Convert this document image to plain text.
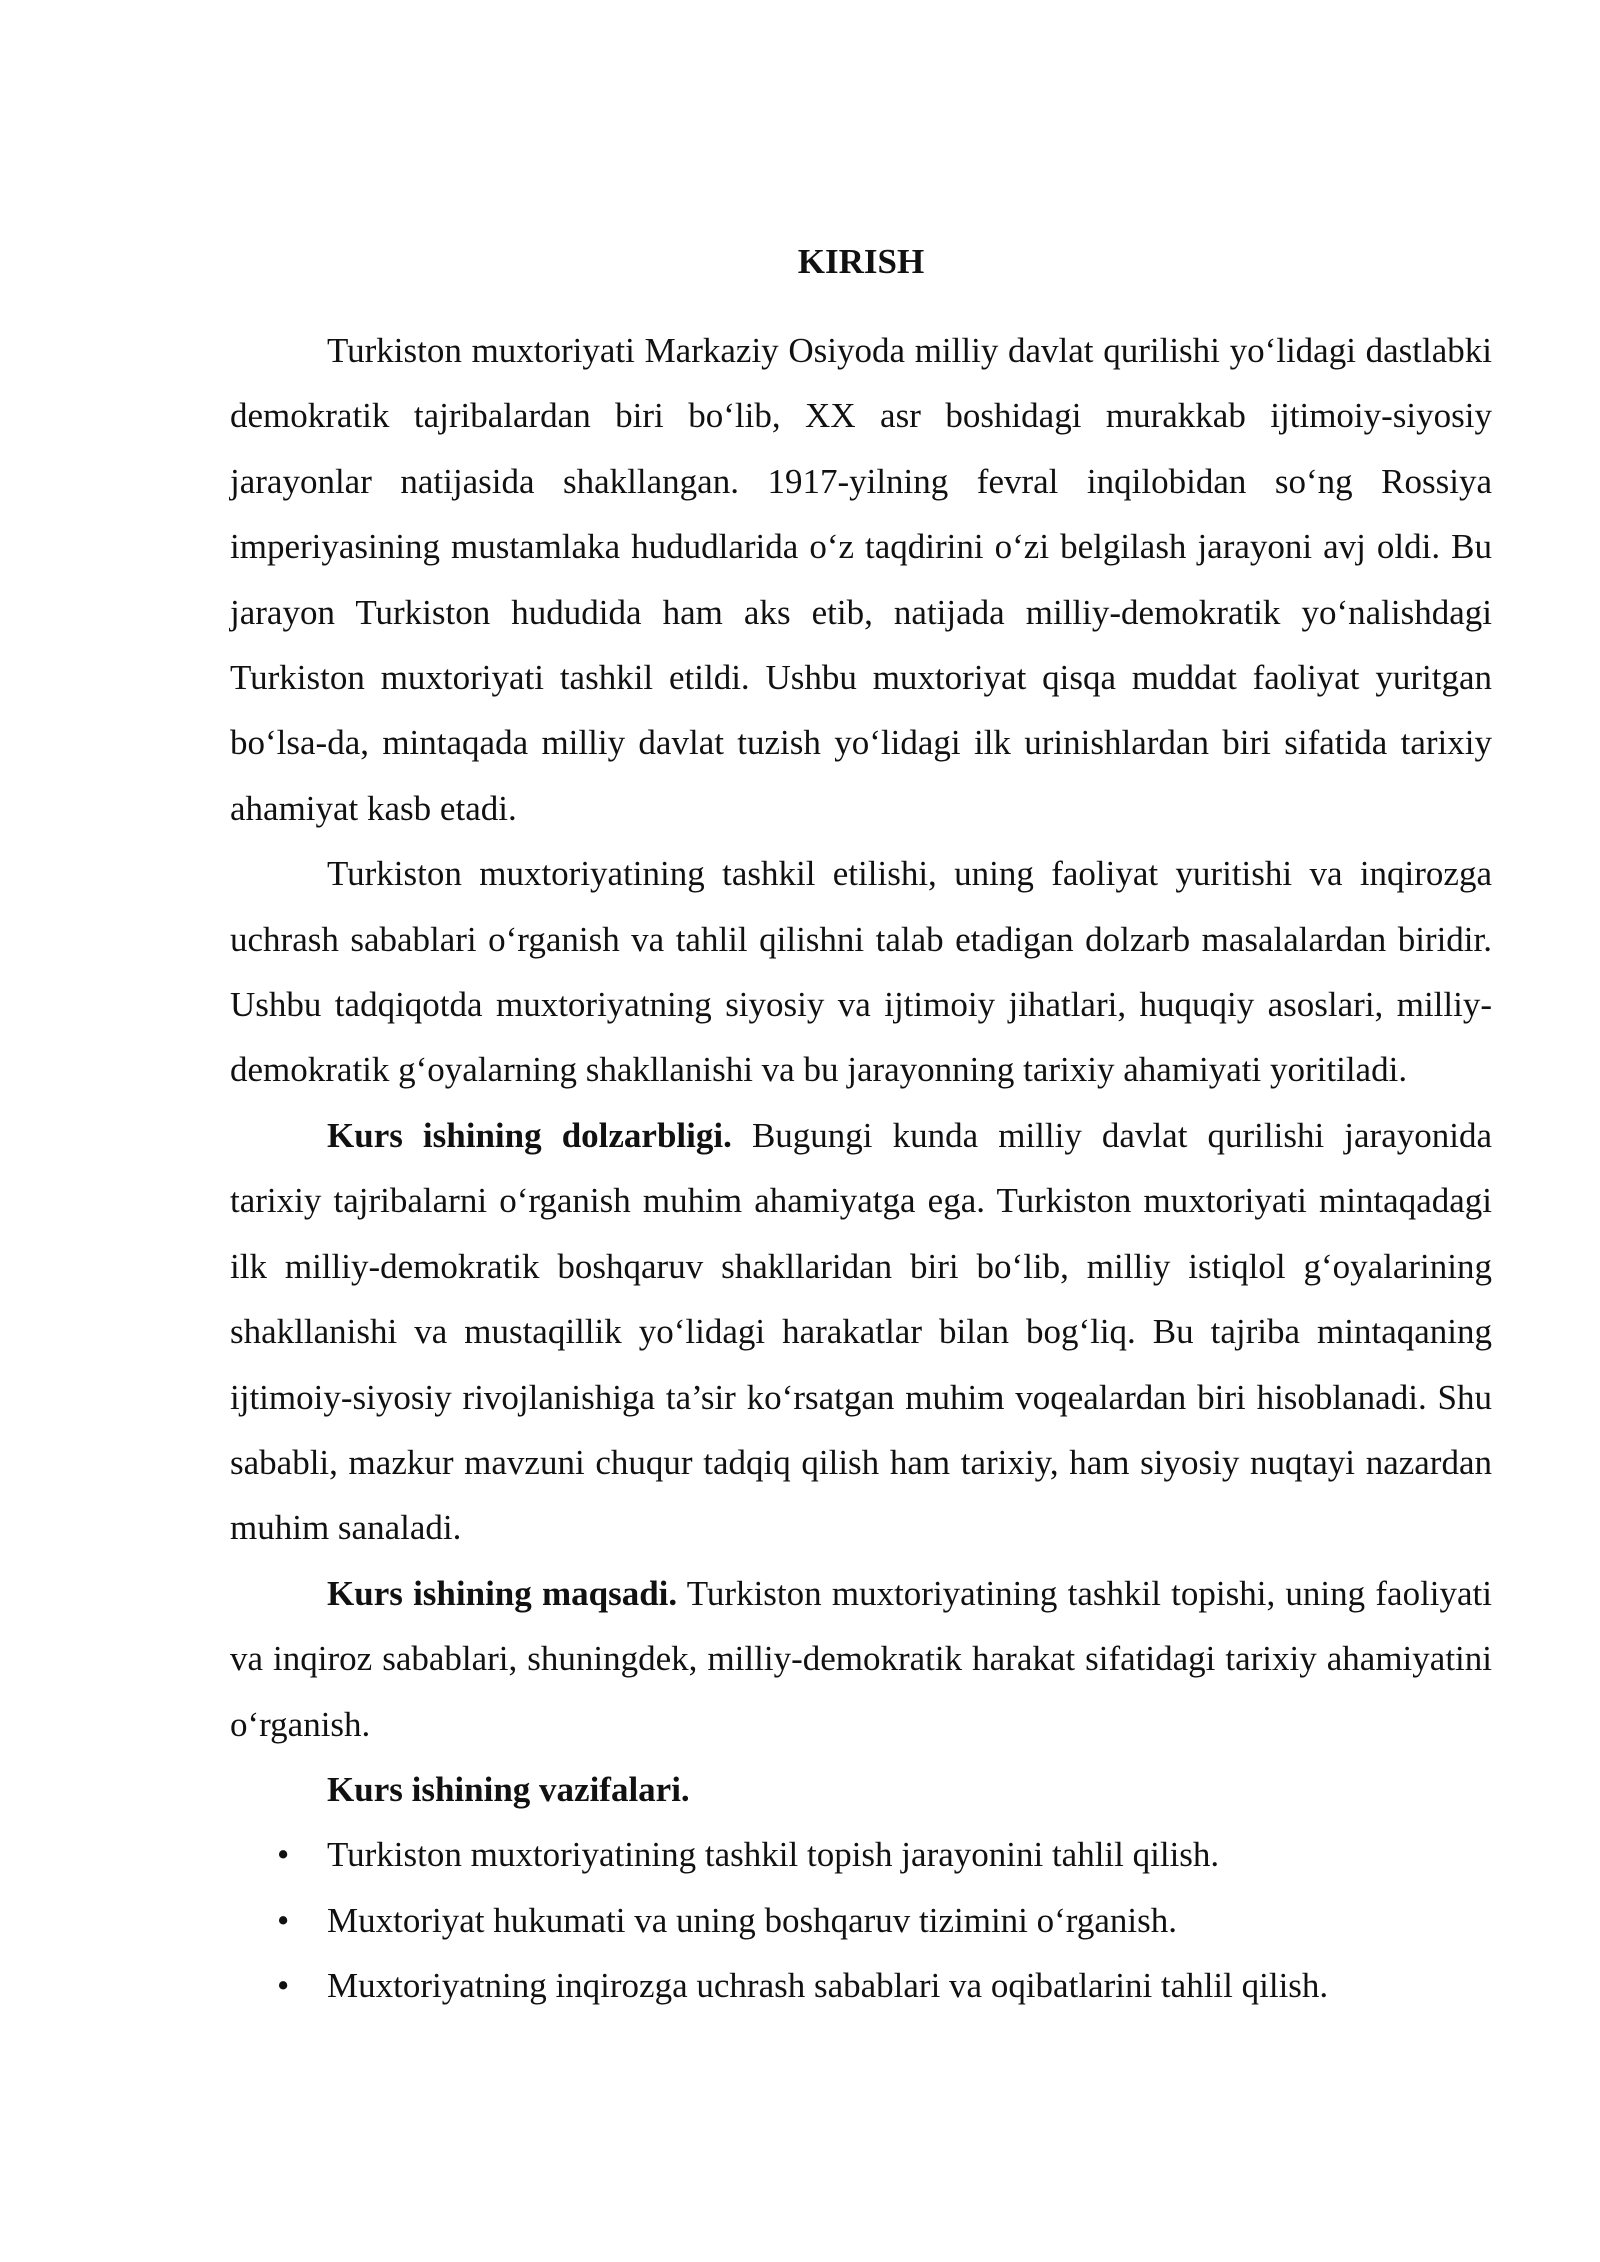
KIRISH

Turkiston muxtoriyati Markaziy Osiyoda milliy davlat qurilishi yo‘lidagi dastlabki demokratik tajribalardan biri bo‘lib, XX asr boshidagi murakkab ijtimoiy-siyosiy jarayonlar natijasida shakllangan. 1917-yilning fevral inqilobidan so‘ng Rossiya imperiyasining mustamlaka hududlarida o‘z taqdirini o‘zi belgilash jarayoni avj oldi. Bu jarayon Turkiston hududida ham aks etib, natijada milliy-demokratik yo‘nalishdagi Turkiston muxtoriyati tashkil etildi. Ushbu muxtoriyat qisqa muddat faoliyat yuritgan bo‘lsa-da, mintaqada milliy davlat tuzish yo‘lidagi ilk urinishlardan biri sifatida tarixiy ahamiyat kasb etadi.

Turkiston muxtoriyatining tashkil etilishi, uning faoliyat yuritishi va inqirozga uchrash sabablari o‘rganish va tahlil qilishni talab etadigan dolzarb masalalardan biridir. Ushbu tadqiqotda muxtoriyatning siyosiy va ijtimoiy jihatlari, huquqiy asoslari, milliy-demokratik g‘oyalarning shakllanishi va bu jarayonning tarixiy ahamiyati yoritiladi.

Kurs ishining dolzarbligi. Bugungi kunda milliy davlat qurilishi jarayonida tarixiy tajribalarni o‘rganish muhim ahamiyatga ega. Turkiston muxtoriyati mintaqadagi ilk milliy-demokratik boshqaruv shakllaridan biri bo‘lib, milliy istiqlol g‘oyalarining shakllanishi va mustaqillik yo‘lidagi harakatlar bilan bog‘liq. Bu tajriba mintaqaning ijtimoiy-siyosiy rivojlanishiga ta’sir ko‘rsatgan muhim voqealardan biri hisoblanadi. Shu sababli, mazkur mavzuni chuqur tadqiq qilish ham tarixiy, ham siyosiy nuqtayi nazardan muhim sanaladi.

Kurs ishining maqsadi. Turkiston muxtoriyatining tashkil topishi, uning faoliyati va inqiroz sabablari, shuningdek, milliy-demokratik harakat sifatidagi tarixiy ahamiyatini o‘rganish.

Kurs ishining vazifalari.

• Turkiston muxtoriyatining tashkil topish jarayonini tahlil qilish.
• Muxtoriyat hukumati va uning boshqaruv tizimini o‘rganish.
• Muxtoriyatning inqirozga uchrash sabablari va oqibatlarini tahlil qilish.
